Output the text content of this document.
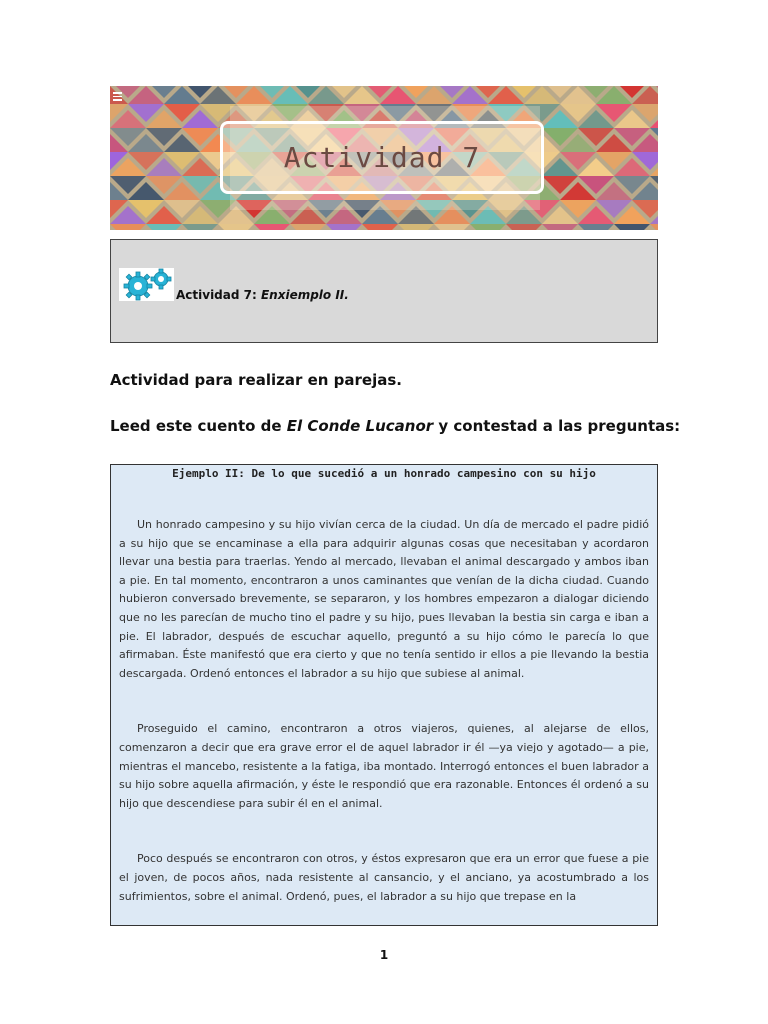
Actividad 7
Actividad 7: Enxiemplo II.
Actividad para realizar en parejas.
Leed este cuento de El Conde Lucanor y contestad a las preguntas:
Ejemplo II: De lo que sucedió a un honrado campesino con su hijo

Un honrado campesino y su hijo vivían cerca de la ciudad. Un día de mercado el padre pidió a su hijo que se encaminase a ella para adquirir algunas cosas que necesitaban y acordaron llevar una bestia para traerlas. Yendo al mercado, llevaban el animal descargado y ambos iban a pie. En tal momento, encontraron a unos caminantes que venían de la dicha ciudad. Cuando hubieron conversado brevemente, se separaron, y los hombres empezaron a dialogar diciendo que no les parecían de mucho tino el padre y su hijo, pues llevaban la bestia sin carga e iban a pie. El labrador, después de escuchar aquello, preguntó a su hijo cómo le parecía lo que afirmaban. Éste manifestó que era cierto y que no tenía sentido ir ellos a pie llevando la bestia descargada. Ordenó entonces el labrador a su hijo que subiese al animal.

Proseguido el camino, encontraron a otros viajeros, quienes, al alejarse de ellos, comenzaron a decir que era grave error el de aquel labrador ir él —ya viejo y agotado— a pie, mientras el mancebo, resistente a la fatiga, iba montado. Interrogó entonces el buen labrador a su hijo sobre aquella afirmación, y éste le respondió que era razonable. Entonces él ordenó a su hijo que descendiese para subir él en el animal.

Poco después se encontraron con otros, y éstos expresaron que era un error que fuese a pie el joven, de pocos años, nada resistente al cansancio, y el anciano, ya acostumbrado a los sufrimientos, sobre el animal. Ordenó, pues, el labrador a su hijo que trepase en la

1
